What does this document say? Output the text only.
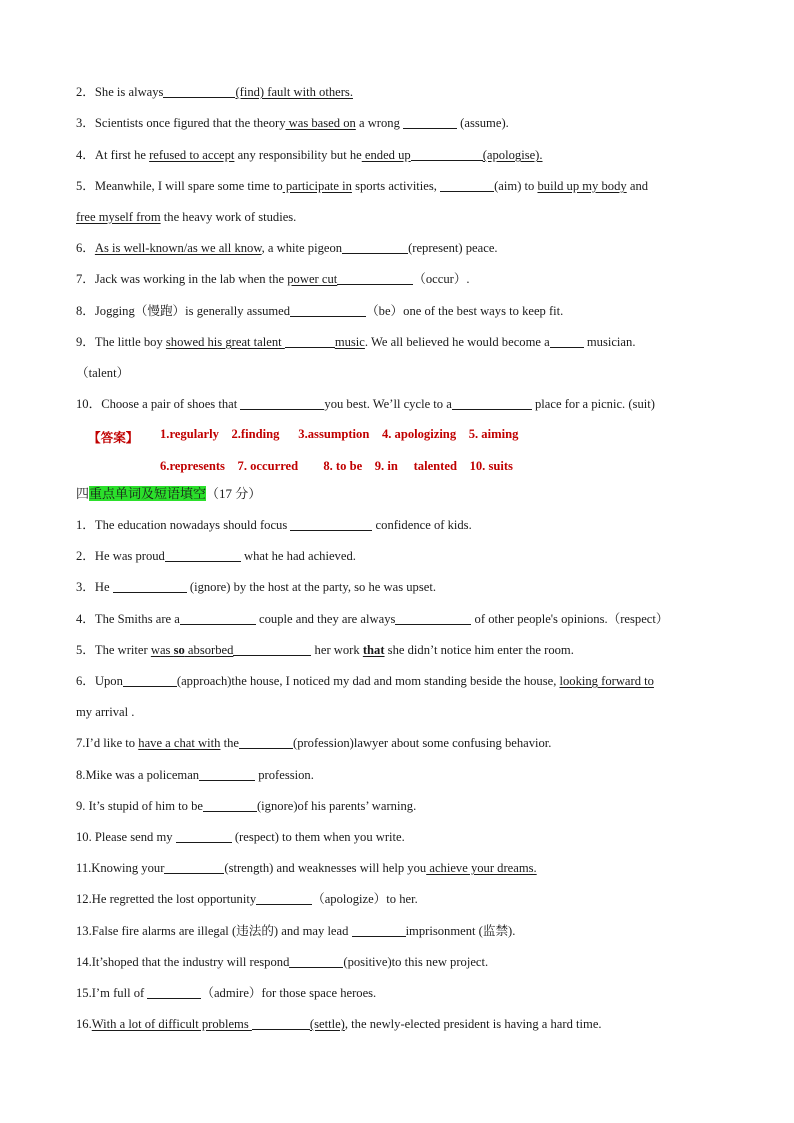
2．She is always	(find) fault with others.
3．Scientists once figured that the theory was based on a wrong	(assume).
4．At first he refused to accept any responsibility but he ended up	(apologise).
5．Meanwhile, I will spare some time to participate in sports activities,	(aim) to build up my body and
free myself from the heavy work of studies.
6．As is well-known/as we all know, a white pigeon	(represent) peace.
7．Jack was working in the lab when the power cut	（occur）.
8．Jogging（慢跑）is generally assumed	（be）one of the best ways to keep fit.
9．The little boy showed his great talent	music. We all believed he would become a	musician.
（talent）
10．Choose a pair of shoes that	you best. We’ll cycle to a	place for a picnic. (suit)
【答案】 1.regularly    2.finding      3.assumption    4. apologizing    5. aiming
6.represents    7. occurred        8. to be    9. in     talented    10. suits
四重点单词及短语填空（17 分）
1．The education nowadays should focus	confidence of kids.
2．He was proud	what he had achieved.
3．He	(ignore) by the host at the party, so he was upset.
4．The Smiths are a	couple and they are always	of other people's opinions.（respect）
5．The writer was so absorbed	her work that she didn’t notice him enter the room.
6．Upon	(approach)the house, I noticed my dad and mom standing beside the house, looking forward to
my arrival .
7.I’d like to have a chat with the	(profession)lawyer about some confusing behavior.
8.Mike was a policeman	profession.
9. It’s stupid of him to be	(ignore)of his parents’ warning.
10. Please send my	(respect) to them when you write.
11.Knowing your	(strength) and weaknesses will help you achieve your dreams.
12.He regretted the lost opportunity	（apologize）to her.
13.False fire alarms are illegal (违法的) and may lead	imprisonment (监禁).
14.It’shoped that the industry will respond	(positive)to this new project.
15.I’m full of	（admire）for those space heroes.
16.With a lot of difficult problems	(settle), the newly-elected president is having a hard time.
